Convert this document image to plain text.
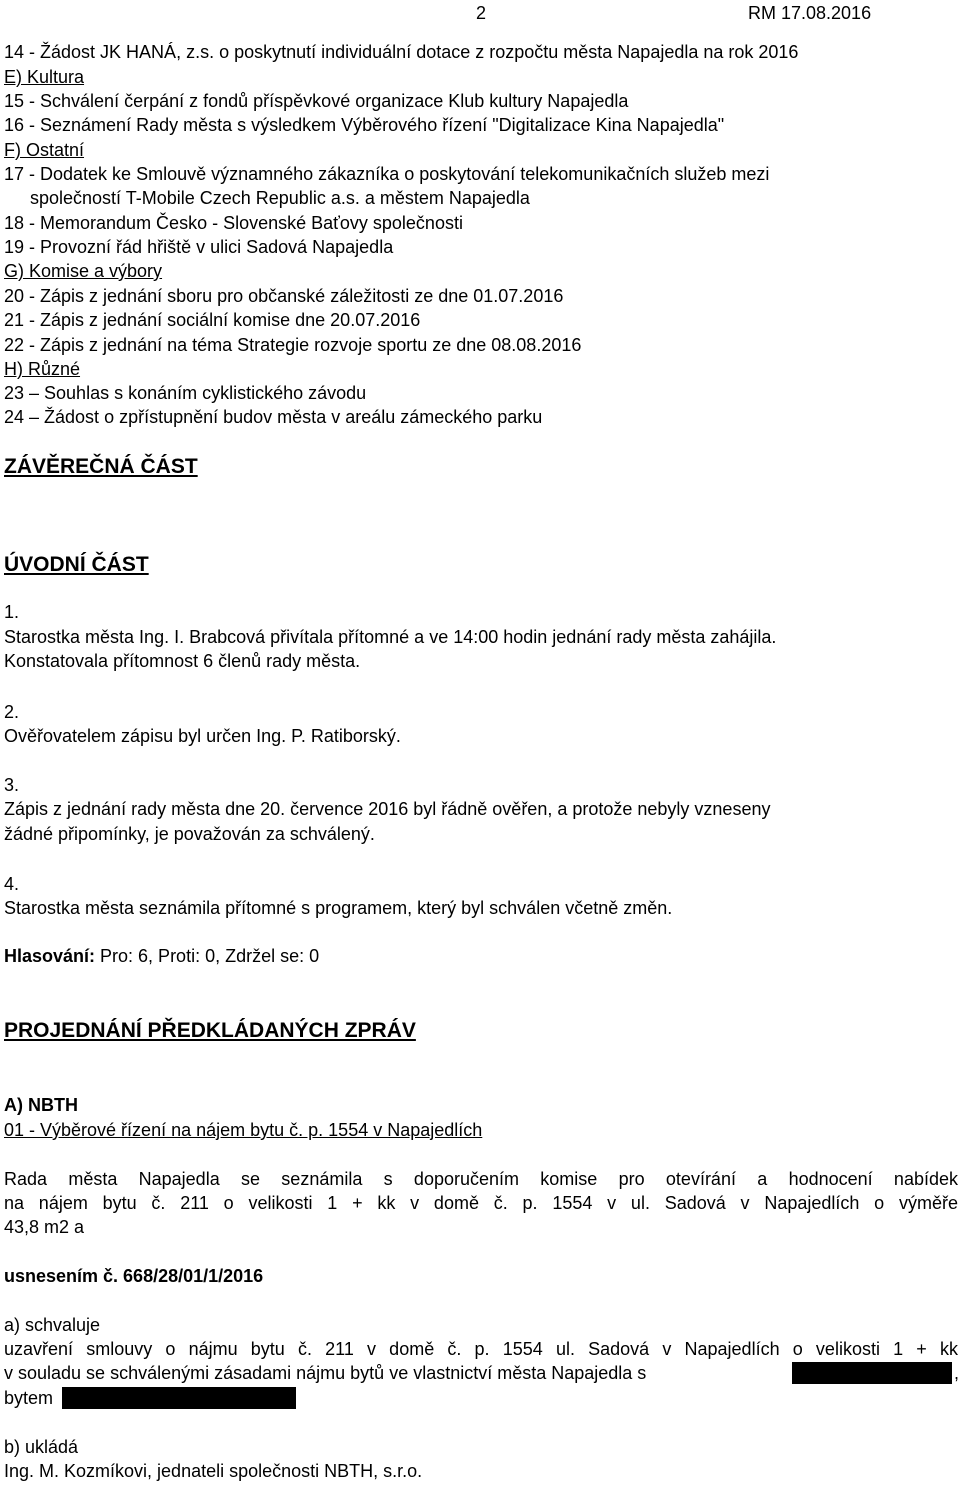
2	RM 17.08.2016
14 - Žádost JK HANÁ, z.s. o poskytnutí individuální dotace z rozpočtu města Napajedla na rok 2016
E) Kultura
15 - Schválení čerpání z fondů příspěvkové organizace Klub kultury Napajedla
16 - Seznámení Rady města s výsledkem Výběrového řízení "Digitalizace Kina Napajedla"
F) Ostatní
17 - Dodatek ke Smlouvě významného zákazníka o poskytování telekomunikačních služeb mezi
společností T-Mobile Czech Republic a.s. a městem Napajedla
18 - Memorandum Česko - Slovenské Baťovy společnosti
19 - Provozní řád hřiště v ulici Sadová Napajedla
G) Komise a výbory
20 - Zápis z jednání sboru pro občanské záležitosti ze dne 01.07.2016
21 - Zápis z jednání sociální komise dne 20.07.2016
22 - Zápis z jednání na téma Strategie rozvoje sportu ze dne 08.08.2016
H) Různé
23 – Souhlas s konáním cyklistického závodu
24 – Žádost o zpřístupnění budov města v areálu zámeckého parku
ZÁVĚREČNÁ ČÁST
ÚVODNÍ ČÁST
1.
Starostka města Ing. I. Brabcová přivítala přítomné a ve 14:00 hodin jednání rady města zahájila.
Konstatovala přítomnost 6 členů rady města.
2.
Ověřovatelem zápisu byl určen Ing. P. Ratiborský.
3.
Zápis z jednání rady města dne 20. července 2016 byl řádně ověřen, a protože nebyly vzneseny
žádné připomínky, je považován za schválený.
4.
Starostka města seznámila přítomné s programem, který byl schválen včetně změn.
Hlasování: Pro: 6, Proti: 0, Zdržel se: 0
PROJEDNÁNÍ PŘEDKLÁDANÝCH ZPRÁV
A) NBTH
01 - Výběrové řízení na nájem bytu č. p. 1554 v Napajedlích
Rada města Napajedla se seznámila s doporučením komise pro otevírání a hodnocení nabídek
na nájem bytu č. 211 o velikosti 1 + kk v domě č. p. 1554 v ul. Sadová v Napajedlích o výměře
43,8 m2 a
usnesením č. 668/28/01/1/2016
a) schvaluje
uzavření smlouvy o nájmu bytu č. 211 v domě č. p. 1554 ul. Sadová v Napajedlích o velikosti 1 + kk
v souladu se schválenými zásadami nájmu bytů ve vlastnictví města Napajedla s	,
bytem
b) ukládá
Ing. M. Kozmíkovi, jednateli společnosti NBTH, s.r.o.
